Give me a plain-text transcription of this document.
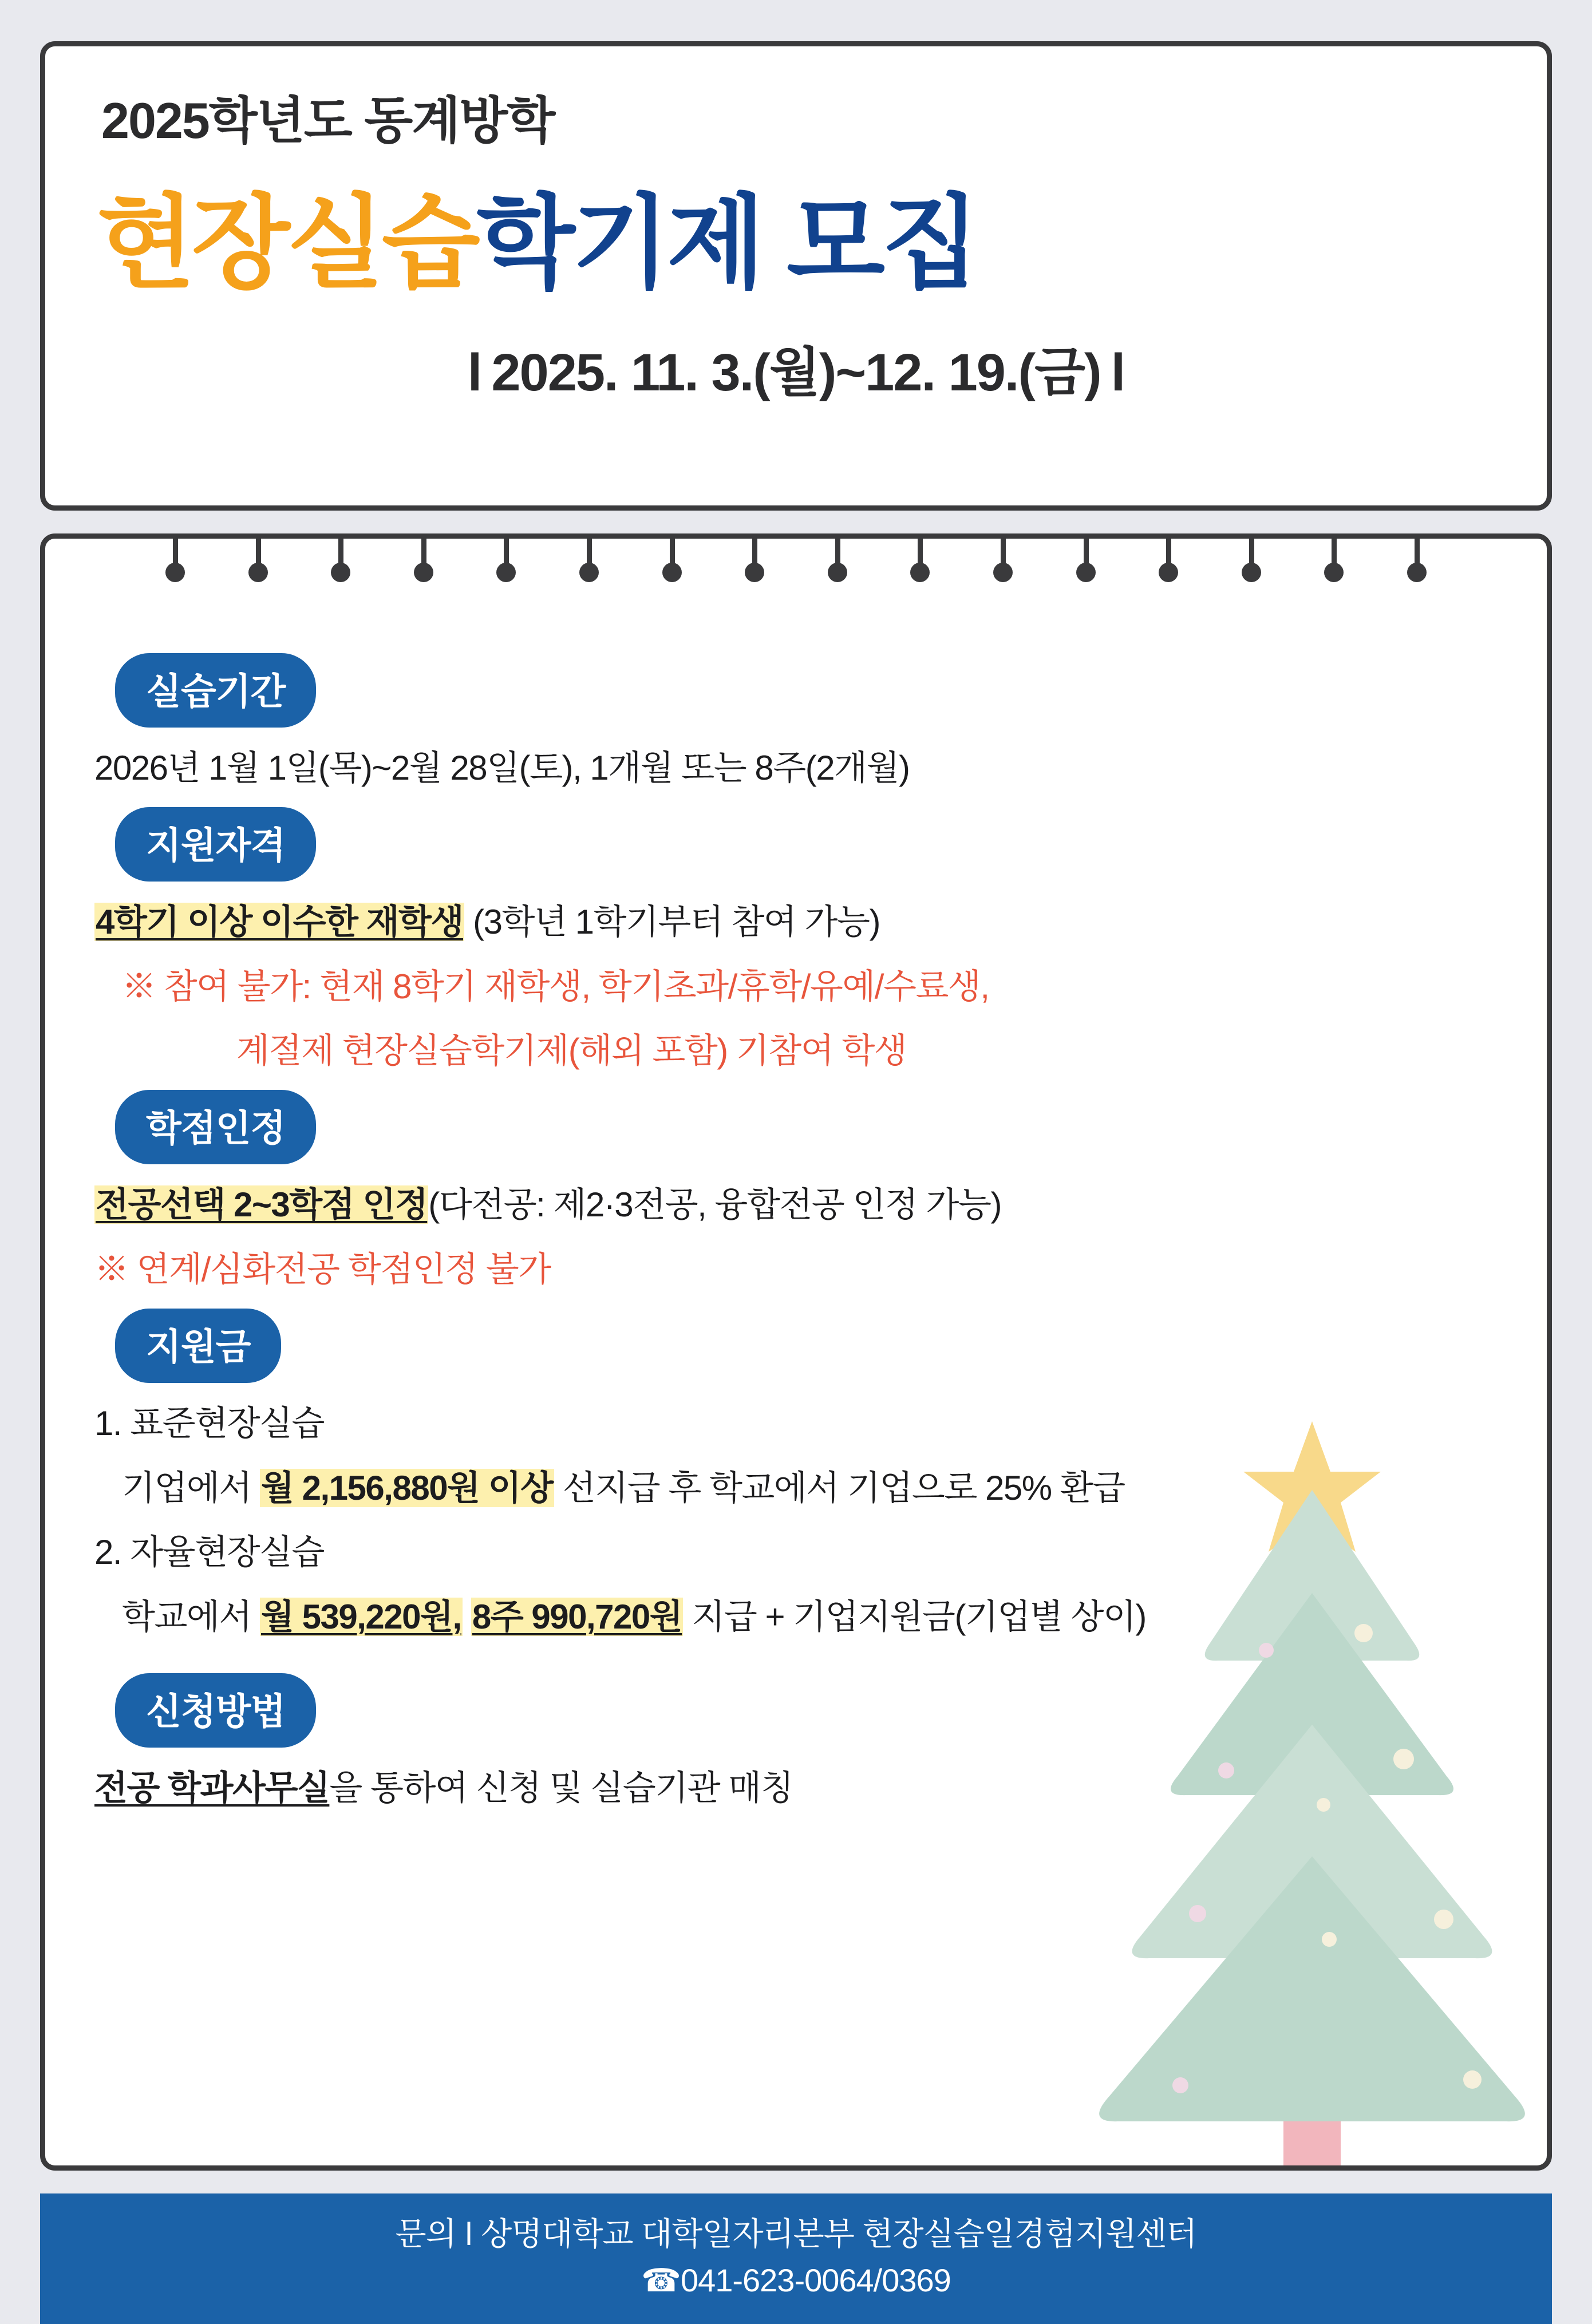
2025학년도 동계방학
현장실습학기제 모집
l 2025. 11. 3.(월)~12. 19.(금) l
실습기간
2026년 1월 1일(목)~2월 28일(토), 1개월 또는 8주(2개월)
지원자격
4학기 이상 이수한 재학생 (3학년 1학기부터 참여 가능)
※ 참여 불가: 현재 8학기 재학생, 학기초과/휴학/유예/수료생,
계절제 현장실습학기제(해외 포함) 기참여 학생
학점인정
전공선택 2~3학점 인정(다전공: 제2·3전공, 융합전공 인정 가능)
※ 연계/심화전공 학점인정 불가
지원금
1. 표준현장실습
기업에서 월 2,156,880원 이상 선지급 후 학교에서 기업으로 25% 환급
2. 자율현장실습
학교에서 월 539,220원, 8주 990,720원 지급 + 기업지원금(기업별 상이)
신청방법
전공 학과사무실을 통하여 신청 및 실습기관 매칭
문의 l 상명대학교 대학일자리본부 현장실습일경험지원센터
☎041-623-0064/0369
